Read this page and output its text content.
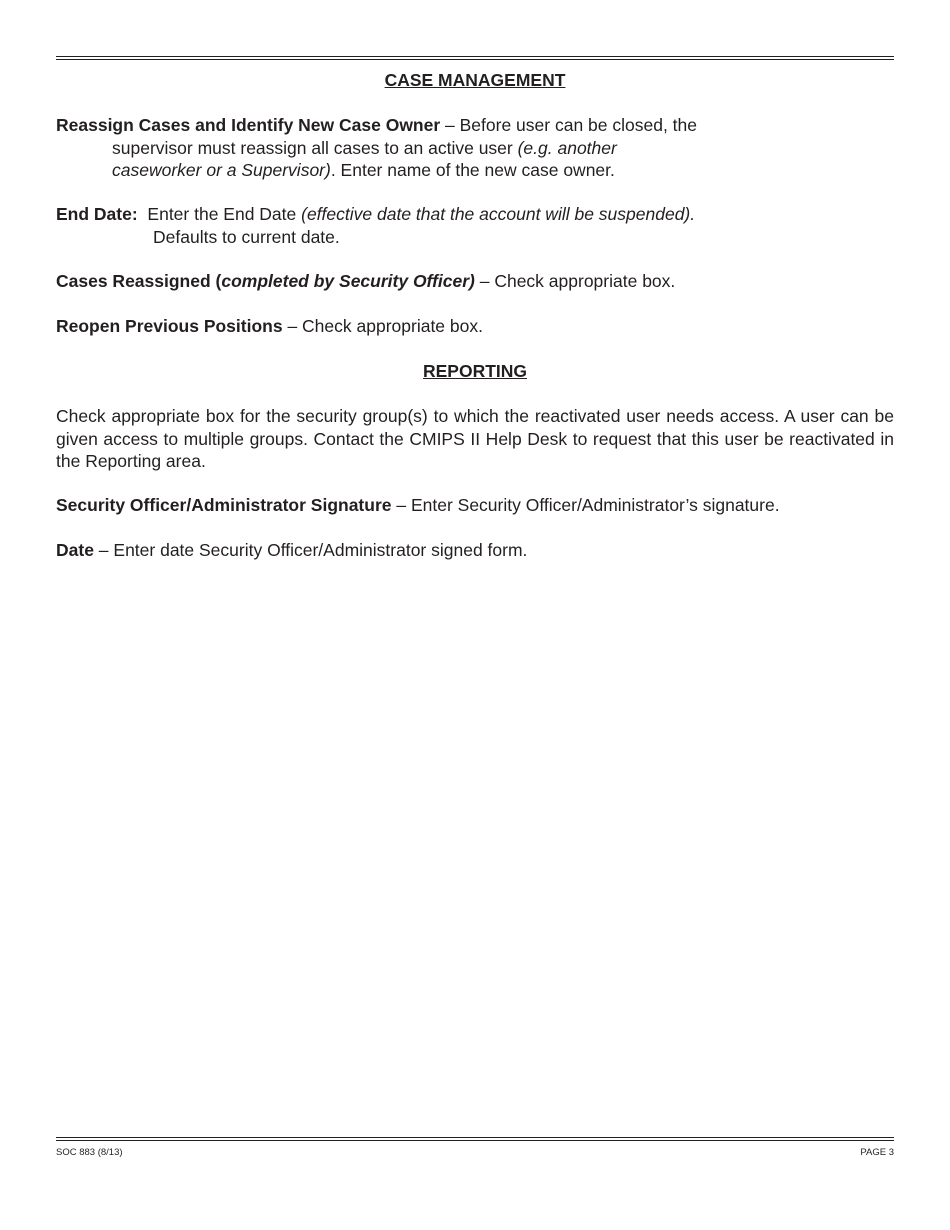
CASE MANAGEMENT
Reassign Cases and Identify New Case Owner – Before user can be closed, the
supervisor must reassign all cases to an active user (e.g. another
caseworker or a Supervisor). Enter name of the new case owner.
End Date:  Enter the End Date (effective date that the account will be suspended).
Defaults to current date.
Cases Reassigned (completed by Security Officer) – Check appropriate box.
Reopen Previous Positions – Check appropriate box.
REPORTING
Check appropriate box for the security group(s) to which the reactivated user needs access. A user can be given access to multiple groups. Contact the CMIPS II Help Desk to request that this user be reactivated in the Reporting area.
Security Officer/Administrator Signature – Enter Security Officer/Administrator’s signature.
Date – Enter date Security Officer/Administrator signed form.
SOC 883 (8/13)	PAGE 3
